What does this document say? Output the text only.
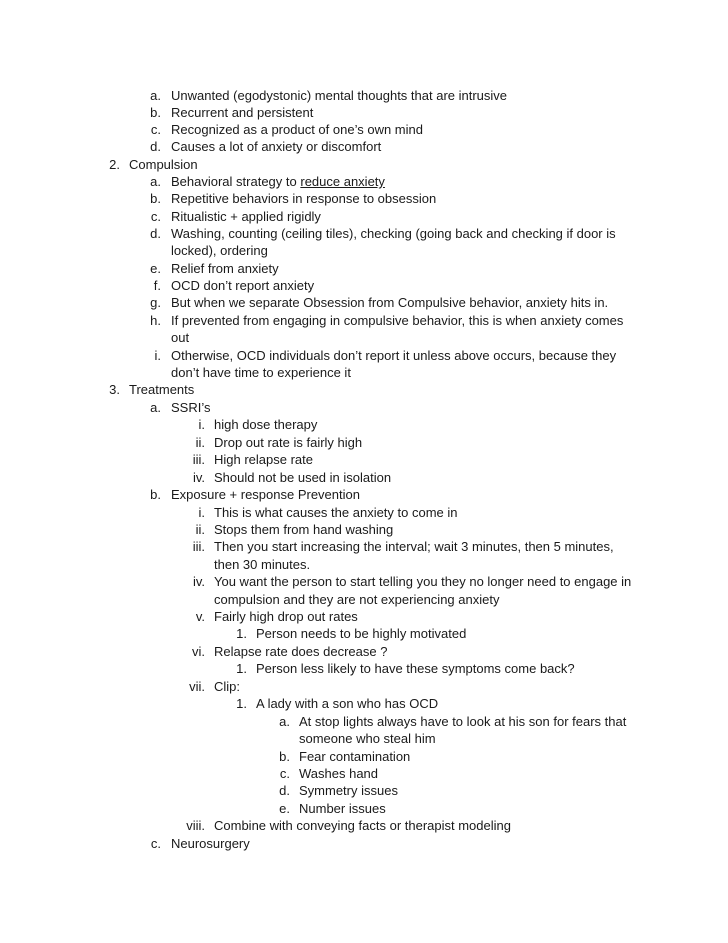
a. Unwanted (egodystonic) mental thoughts that are intrusive
b. Recurrent and persistent
c. Recognized as a product of one’s own mind
d. Causes a lot of anxiety or discomfort
2. Compulsion
a. Behavioral strategy to reduce anxiety
b. Repetitive behaviors in response to obsession
c. Ritualistic + applied rigidly
d. Washing, counting (ceiling tiles), checking (going back and checking if door is
locked), ordering
e. Relief from anxiety
f. OCD don’t report anxiety
g. But when we separate Obsession from Compulsive behavior, anxiety hits in.
h. If prevented from engaging in compulsive behavior, this is when anxiety comes
out
i. Otherwise, OCD individuals don’t report it unless above occurs, because they
don’t have time to experience it
3. Treatments
a. SSRI’s
i. high dose therapy
ii. Drop out rate is fairly high
iii. High relapse rate
iv. Should not be used in isolation
b. Exposure + response Prevention
i. This is what causes the anxiety to come in
ii. Stops them from hand washing
iii. Then you start increasing the interval; wait 3 minutes, then 5 minutes,
then 30 minutes.
iv. You want the person to start telling you they no longer need to engage in
compulsion and they are not experiencing anxiety
v. Fairly high drop out rates
1. Person needs to be highly motivated
vi. Relapse rate does decrease ?
1. Person less likely to have these symptoms come back?
vii. Clip:
1. A lady with a son who has OCD
a. At stop lights always have to look at his son for fears that
someone who steal him
b. Fear contamination
c. Washes hand
d. Symmetry issues
e. Number issues
viii. Combine with conveying facts or therapist modeling
c. Neurosurgery
